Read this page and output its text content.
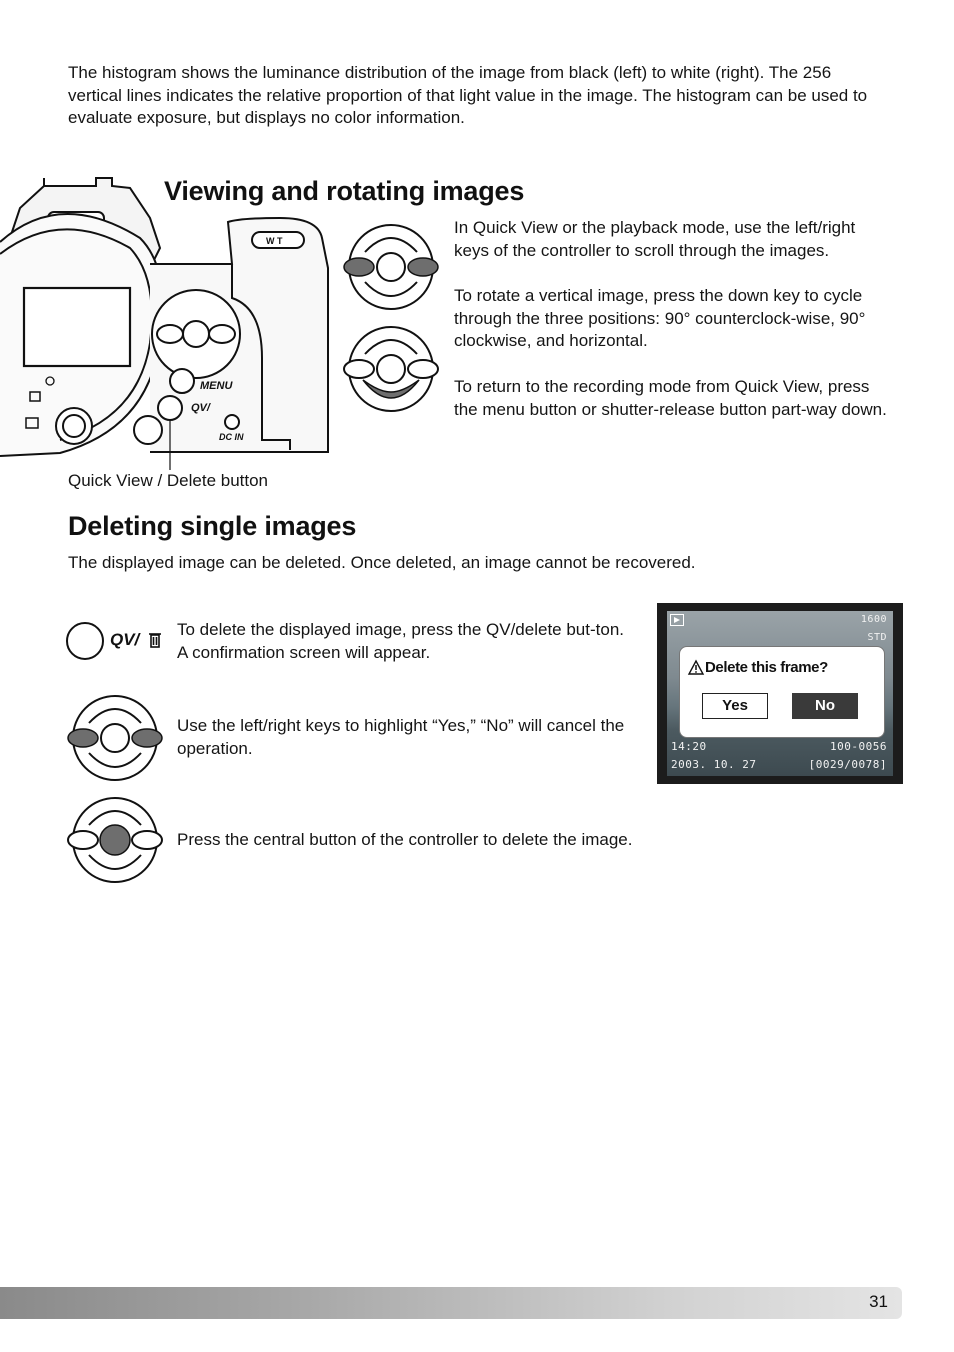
The histogram shows the luminance distribution of the image from black (left) to white (right). The 256 vertical lines indicates the relative proportion of that light value in the image. The histogram can be used to evaluate exposure, but displays no color information.

MENU
QV/
DC IN
W T
Viewing and rotating images

In Quick View or the playback mode, use the left/right keys of the controller to scroll through the images.

To rotate a vertical image, press the down key to cycle through the three positions: 90° counterclock-wise, 90° clockwise, and horizontal.

To return to the recording mode from Quick View, press the menu button or shutter-release button part-way down.

Quick View / Delete button

Deleting single images

The displayed image can be deleted. Once deleted, an image cannot be recovered.

QV/

To delete the displayed image, press the QV/delete but-ton. A confirmation screen will appear.

Use the left/right keys to highlight “Yes,” “No” will cancel the operation.

Press the central button of the controller to delete the image.

1600
STD
Delete this frame?
Yes	No
14:20	100-0056
2003. 10. 27	[0029/0078]
31
